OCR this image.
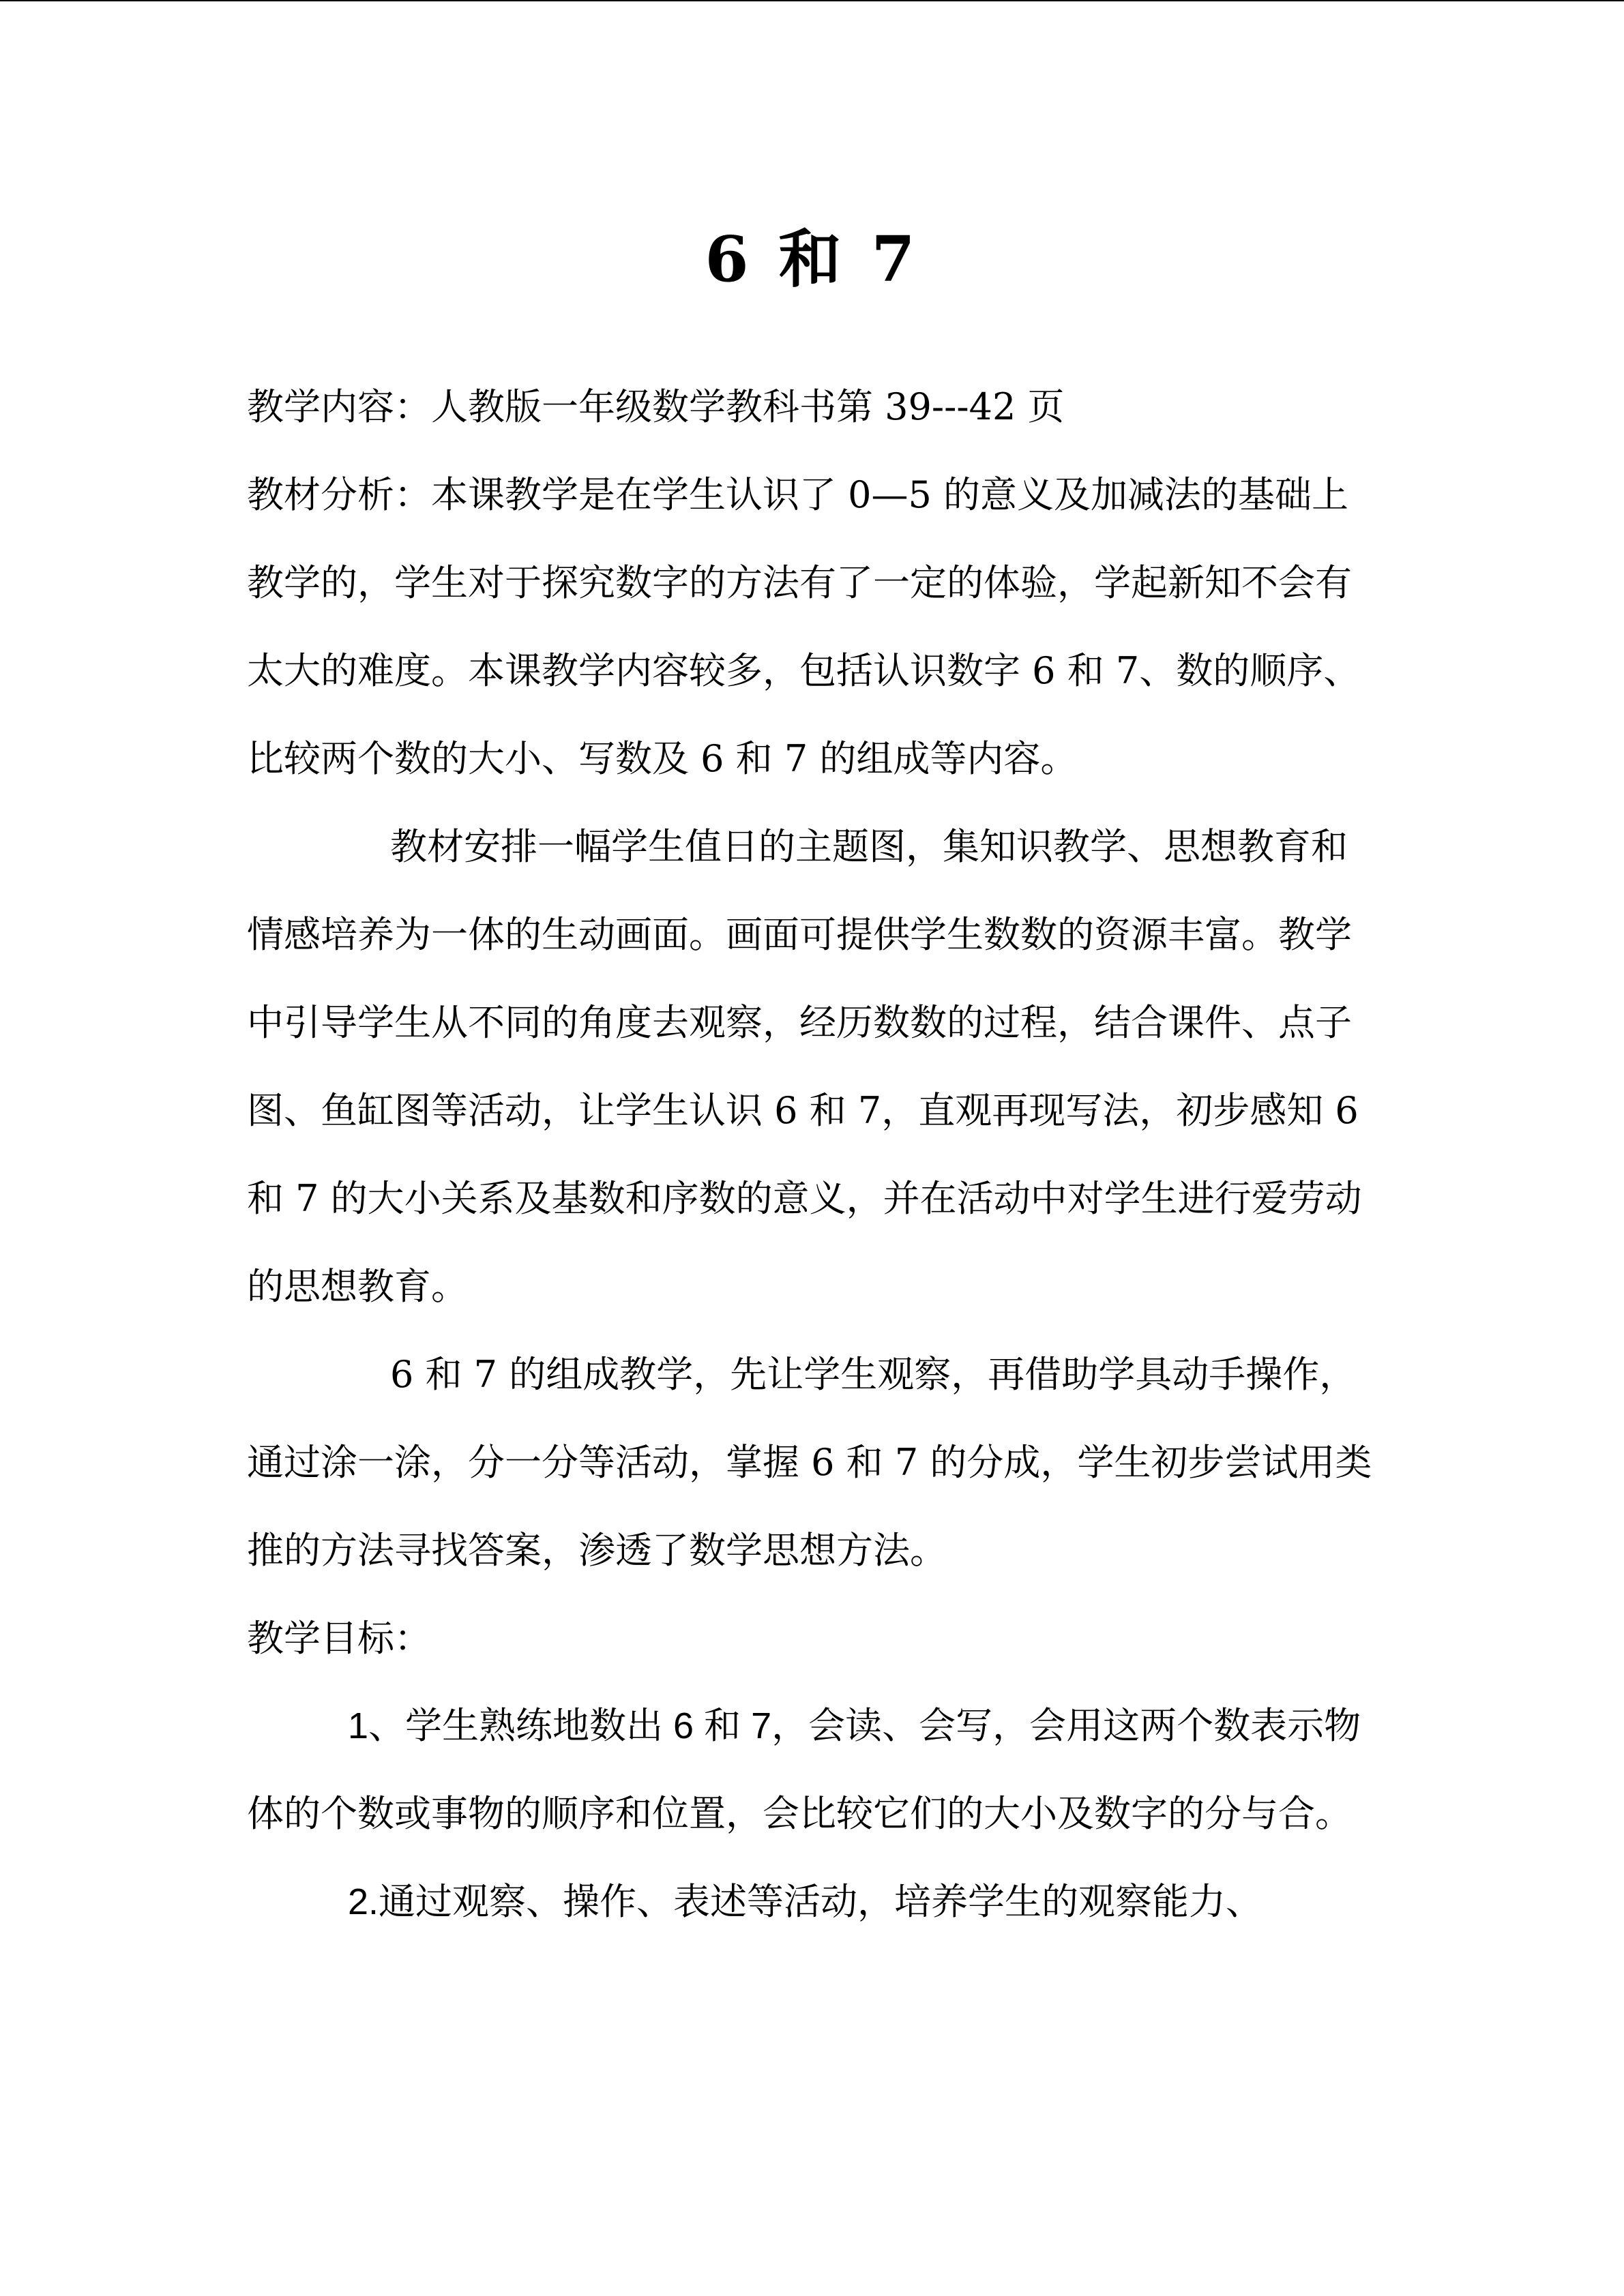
6 和 7

教学内容：人教版一年级数学教科书第 39---42 页

教材分析：本课教学是在学生认识了 0—5 的意义及加减法的基础上教学的，学生对于探究数字的方法有了一定的体验，学起新知不会有太大的难度。本课教学内容较多，包括认识数字 6 和 7、数的顺序、比较两个数的大小、写数及 6 和 7 的组成等内容。

教材安排一幅学生值日的主题图，集知识教学、思想教育和情感培养为一体的生动画面。画面可提供学生数数的资源丰富。教学中引导学生从不同的角度去观察，经历数数的过程，结合课件、点子图、鱼缸图等活动，让学生认识 6 和 7，直观再现写法，初步感知 6 和 7 的大小关系及基数和序数的意义，并在活动中对学生进行爱劳动的思想教育。

6 和 7 的组成教学，先让学生观察，再借助学具动手操作，通过涂一涂，分一分等活动，掌握 6 和 7 的分成，学生初步尝试用类推的方法寻找答案，渗透了数学思想方法。

教学目标：

1、学生熟练地数出 6 和 7，会读、会写，会用这两个数表示物体的个数或事物的顺序和位置，会比较它们的大小及数字的分与合。

2.通过观察、操作、表述等活动，培养学生的观察能力、
